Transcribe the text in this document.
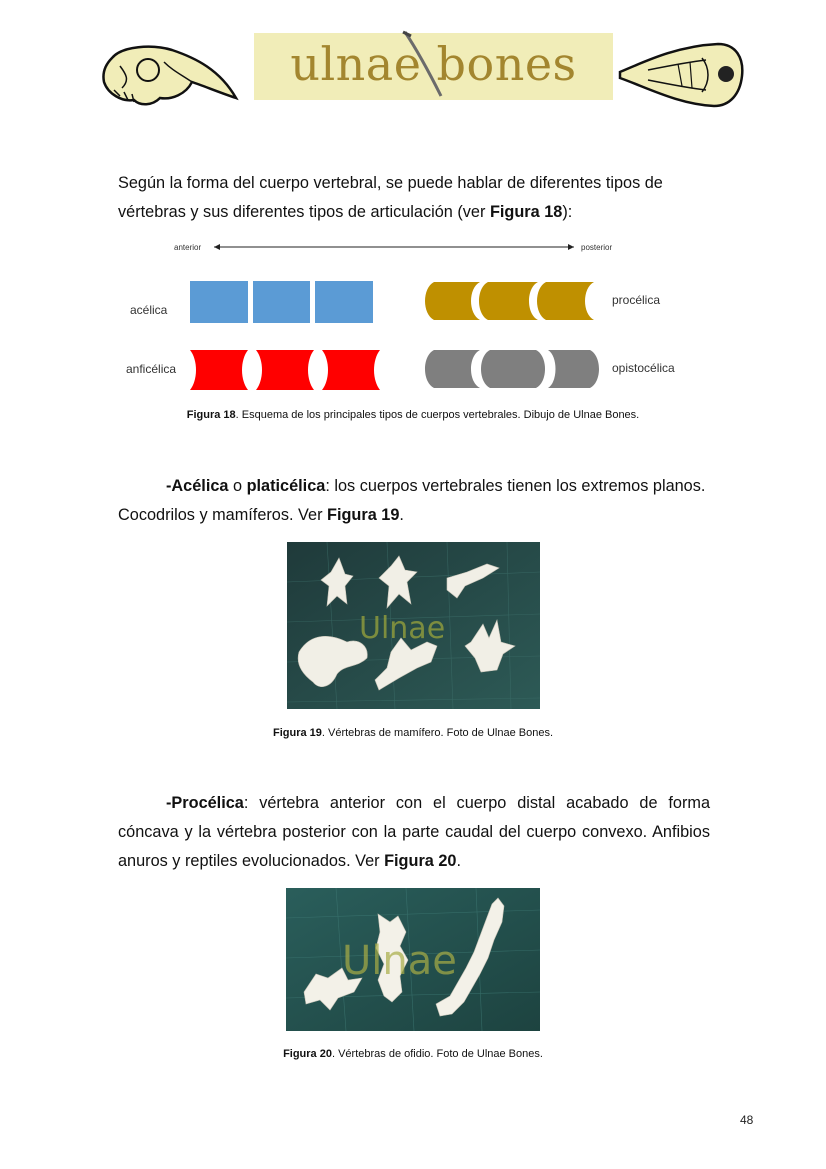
ulnae bones
Según la forma del cuerpo vertebral, se puede hablar de diferentes tipos de vértebras y sus diferentes tipos de articulación (ver Figura 18):
anterior	posterior
acélica
procélica
anficélica	opistocélica
Figura 18. Esquema de los principales tipos de cuerpos vertebrales. Dibujo de Ulnae Bones.
-Acélica o platicélica: los cuerpos vertebrales tienen los extremos planos. Cocodrilos y mamíferos. Ver Figura 19.
Ulnae
Figura 19. Vértebras de mamífero. Foto de Ulnae Bones.
-Procélica: vértebra anterior con el cuerpo distal acabado de forma cóncava y la vértebra posterior con la parte caudal del cuerpo convexo. Anfibios anuros y reptiles evolucionados. Ver Figura 20.
Ulnae
Figura 20. Vértebras de ofidio. Foto de Ulnae Bones.
48
